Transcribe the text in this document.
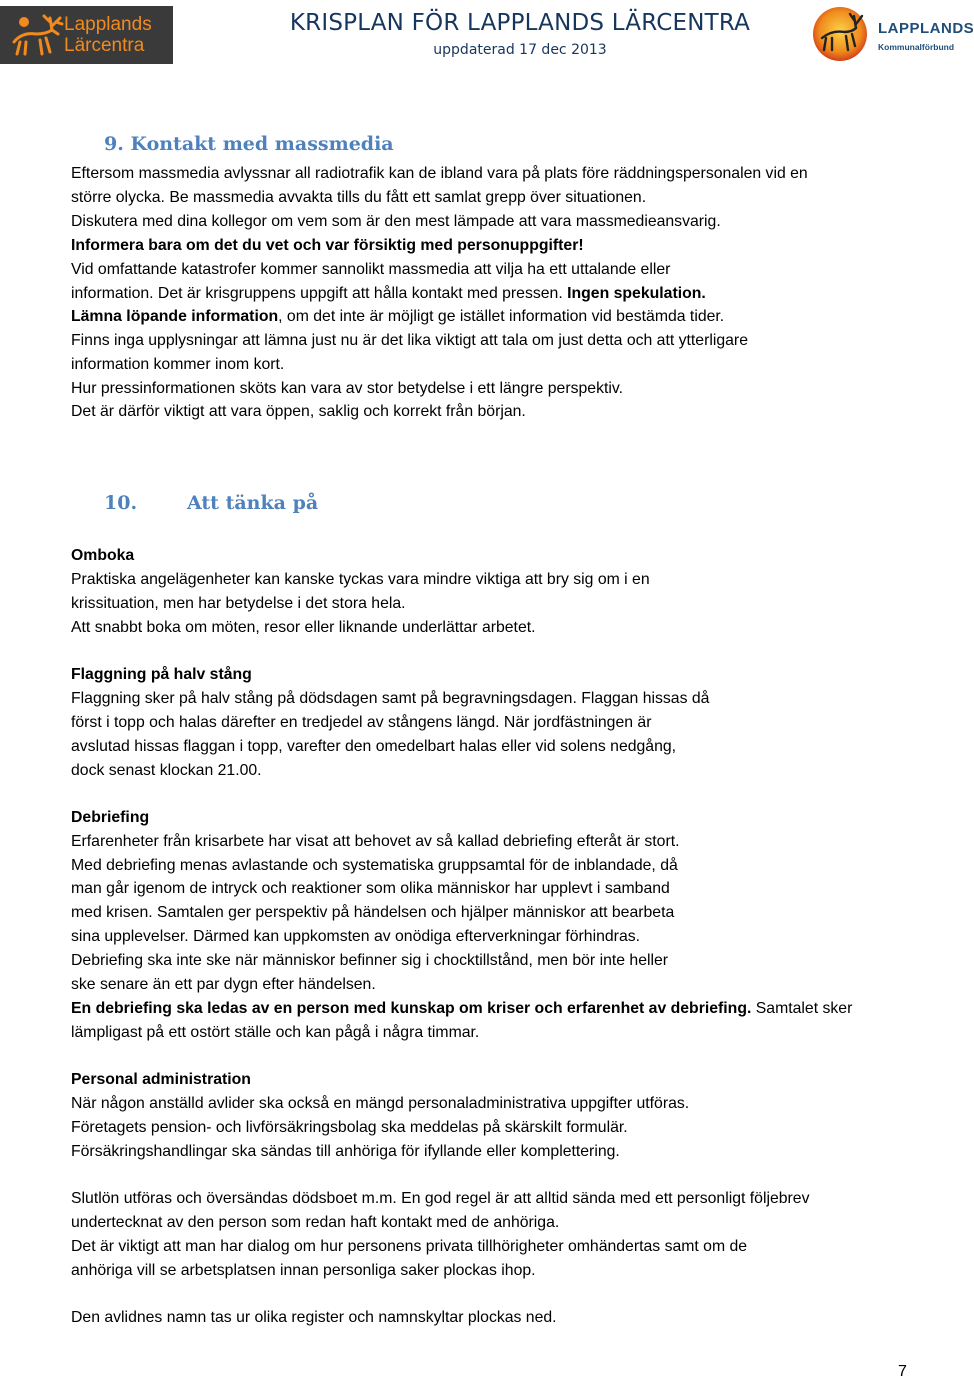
Lapplands
Lärcentra
KRISPLAN FÖR LAPPLANDS LÄRCENTRA
uppdaterad 17 dec 2013
LAPPLANDS
Kommunalförbund
9. Kontakt med massmedia

Eftersom massmedia avlyssnar all radiotrafik kan de ibland vara på plats före räddningspersonalen vid en

större olycka. Be massmedia avvakta tills du fått ett samlat grepp över situationen.

Diskutera med dina kollegor om vem som är den mest lämpade att vara massmedieansvarig.

Informera bara om det du vet och var försiktig med personuppgifter!

Vid omfattande katastrofer kommer sannolikt massmedia att vilja ha ett uttalande eller

information. Det är krisgruppens uppgift att hålla kontakt med pressen. Ingen spekulation.

Lämna löpande information, om det inte är möjligt ge istället information vid bestämda tider.

Finns inga upplysningar att lämna just nu är det lika viktigt att tala om just detta och att ytterligare

information kommer inom kort.

Hur pressinformationen sköts kan vara av stor betydelse i ett längre perspektiv.

Det är därför viktigt att vara öppen, saklig och korrekt från början.

10.	Att tänka på

Omboka

Praktiska angelägenheter kan kanske tyckas vara mindre viktiga att bry sig om i en

krissituation, men har betydelse i det stora hela.

Att snabbt boka om möten, resor eller liknande underlättar arbetet.

Flaggning på halv stång

Flaggning sker på halv stång på dödsdagen samt på begravningsdagen. Flaggan hissas då

först i topp och halas därefter en tredjedel av stångens längd. När jordfästningen är

avslutad hissas flaggan i topp, varefter den omedelbart halas eller vid solens nedgång,

dock senast klockan 21.00.

Debriefing

Erfarenheter från krisarbete har visat att behovet av så kallad debriefing efteråt är stort.

Med debriefing menas avlastande och systematiska gruppsamtal för de inblandade, då

man går igenom de intryck och reaktioner som olika människor har upplevt i samband

med krisen. Samtalen ger perspektiv på händelsen och hjälper människor att bearbeta

sina upplevelser. Därmed kan uppkomsten av onödiga efterverkningar förhindras.

Debriefing ska inte ske när människor befinner sig i chocktillstånd, men bör inte heller

ske senare än ett par dygn efter händelsen.

En debriefing ska ledas av en person med kunskap om kriser och erfarenhet av debriefing. Samtalet sker

lämpligast på ett ostört ställe och kan pågå i några timmar.

Personal administration

När någon anställd avlider ska också en mängd personaladministrativa uppgifter utföras.

Företagets pension- och livförsäkringsbolag ska meddelas på skärskilt formulär.

Försäkringshandlingar ska sändas till anhöriga för ifyllande eller komplettering.

Slutlön utföras och översändas dödsboet m.m. En god regel är att alltid sända med ett personligt följebrev

undertecknat av den person som redan haft kontakt med de anhöriga.

Det är viktigt att man har dialog om hur personens privata tillhörigheter omhändertas samt om de

anhöriga vill se arbetsplatsen innan personliga saker plockas ihop.

Den avlidnes namn tas ur olika register och namnskyltar plockas ned.

7
